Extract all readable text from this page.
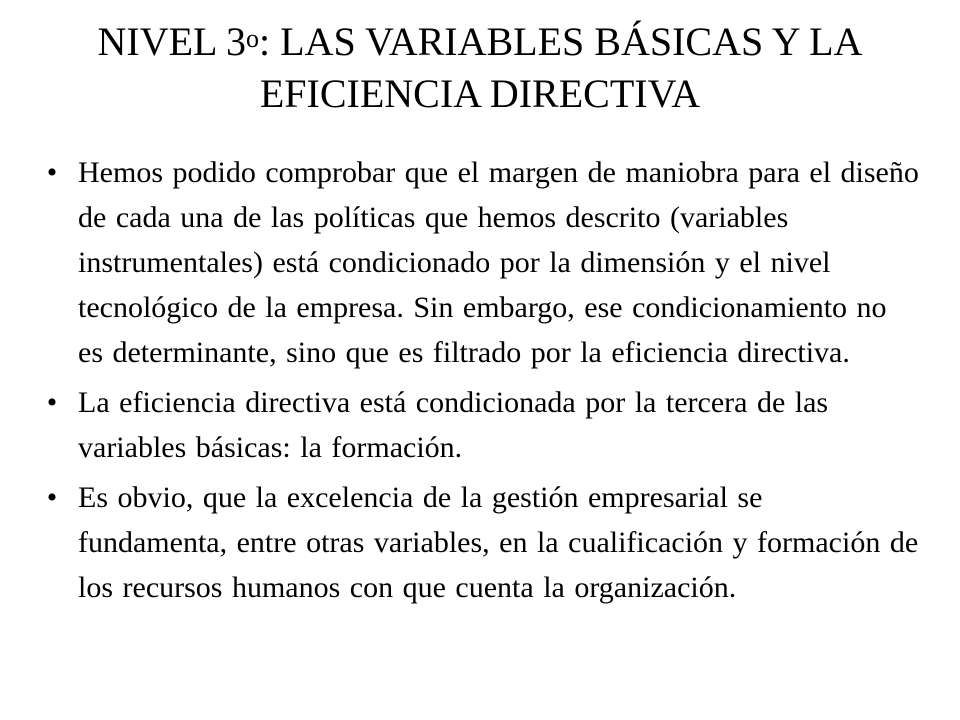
NIVEL 3$^o$: LAS VARIABLES BÁSICAS Y LA EFICIENCIA DIRECTIVA
• Hemos podido comprobar que el margen de maniobra para el diseño de cada una de las políticas que hemos descrito (variables instrumentales) está condicionado por la dimensión y el nivel tecnológico de la empresa. Sin embargo, ese condicionamiento no es determinante, sino que es filtrado por la eficiencia directiva.
• La eficiencia directiva está condicionada por la tercera de las variables básicas: la formación.
• Es obvio, que la excelencia de la gestión empresarial se fundamenta, entre otras variables, en la cualificación y formación de los recursos humanos con que cuenta la organización.
